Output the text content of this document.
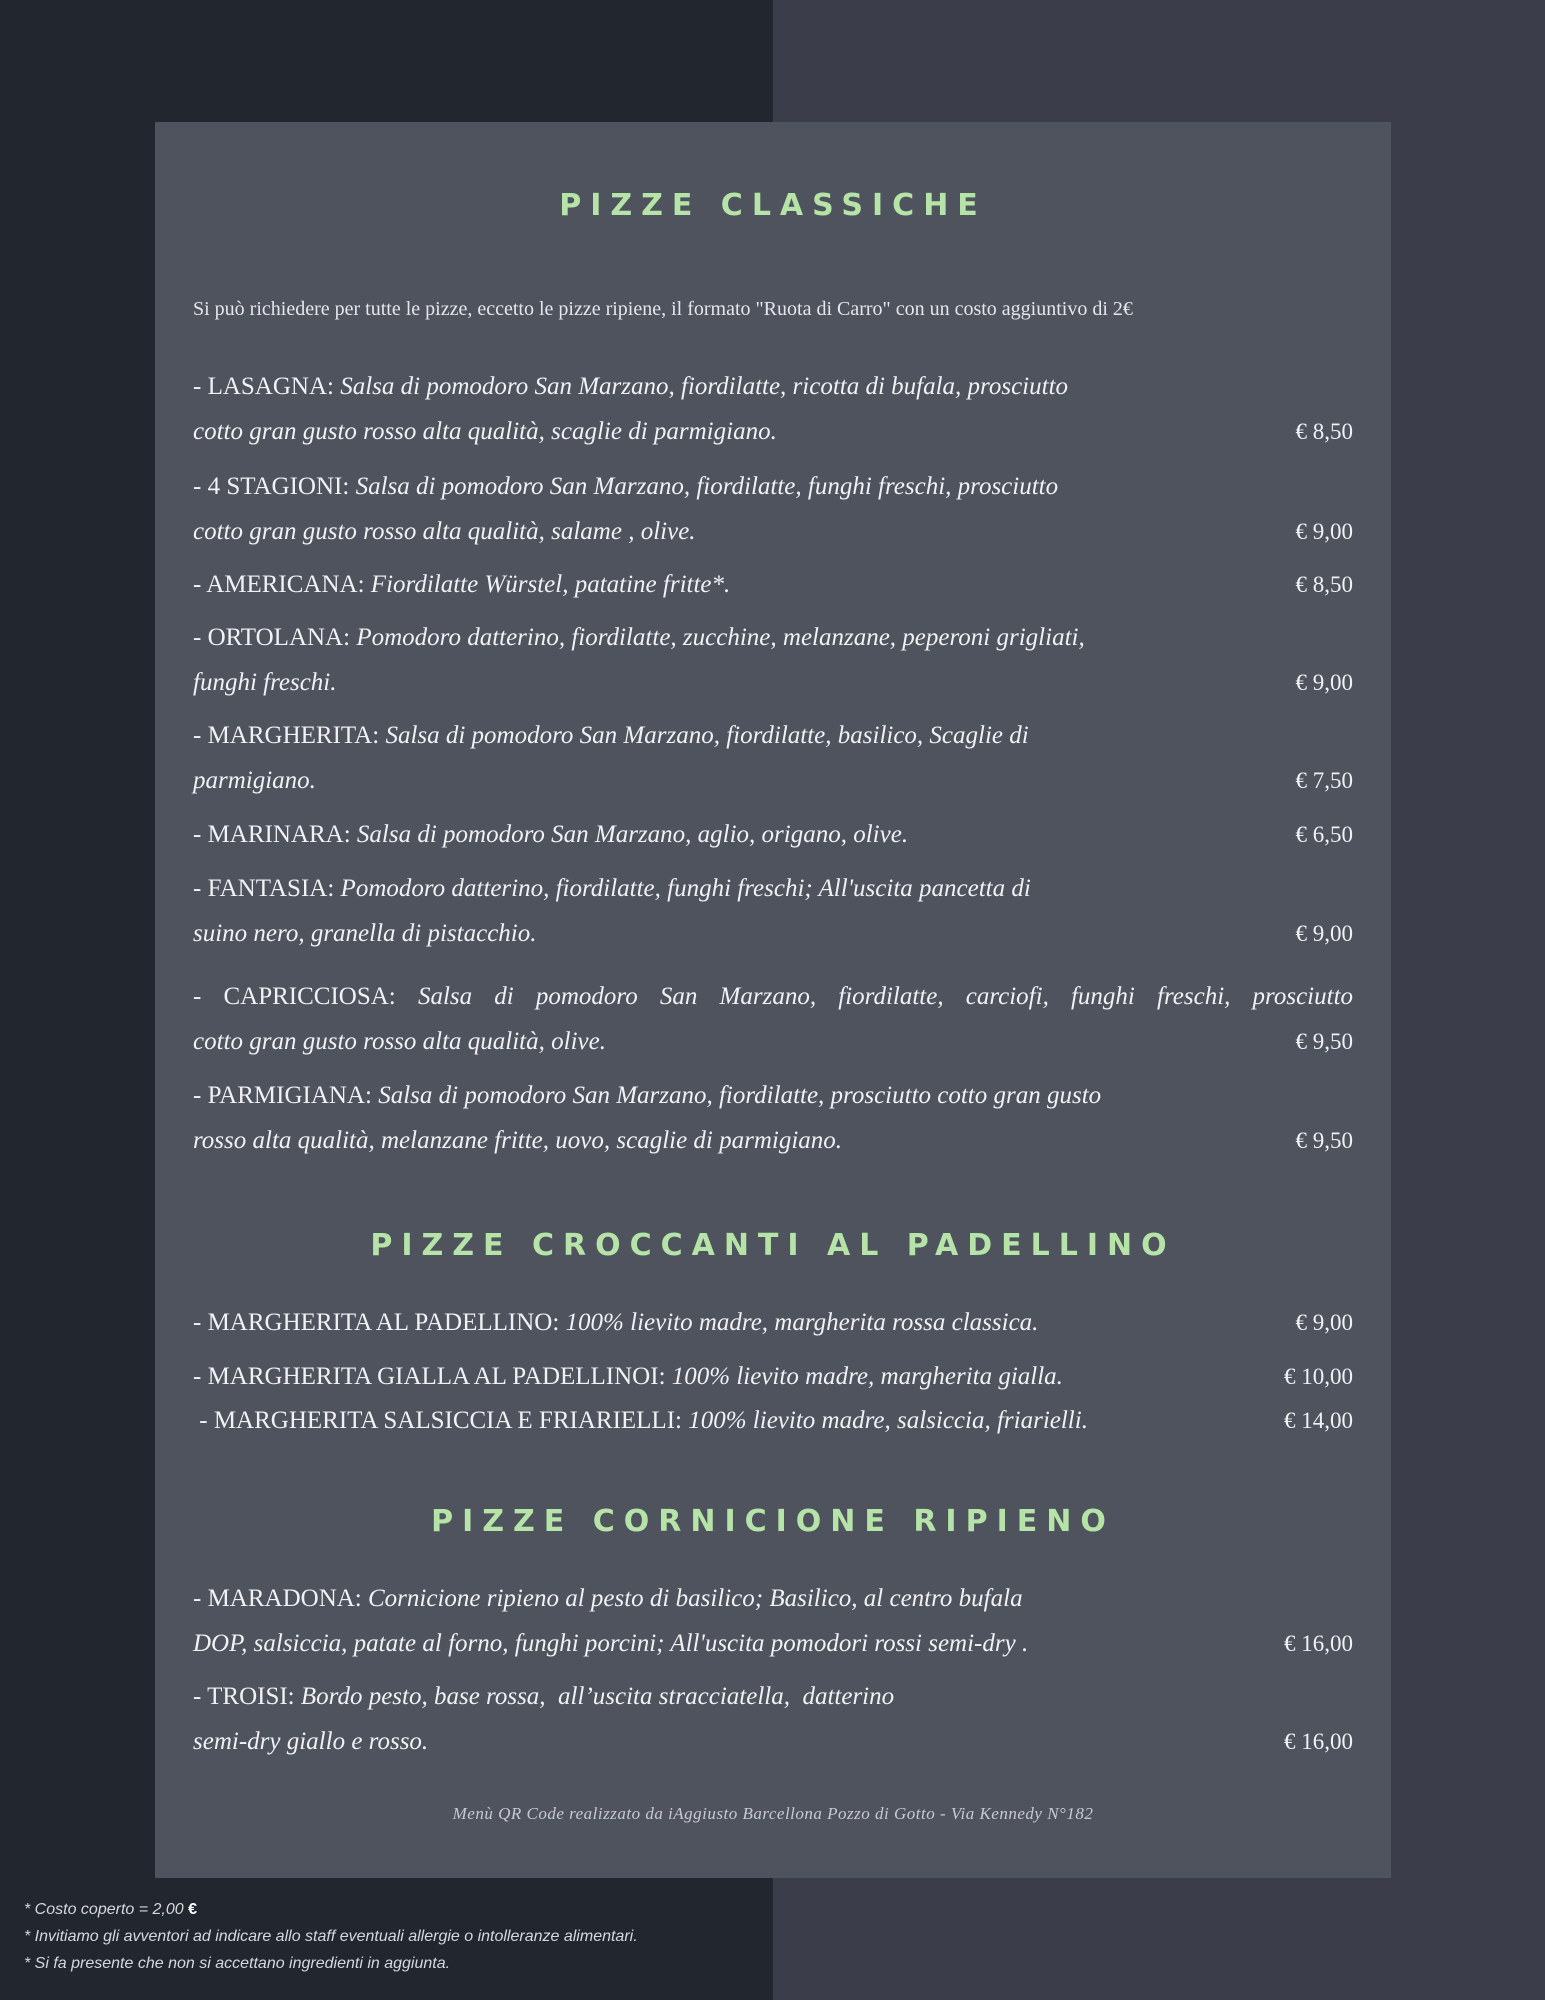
PIZZE CLASSICHE
Si può richiedere per tutte le pizze, eccetto le pizze ripiene, il formato "Ruota di Carro" con un costo aggiuntivo di 2€
- LASAGNA: Salsa di pomodoro San Marzano, fiordilatte, ricotta di bufala, prosciutto
cotto gran gusto rosso alta qualità, scaglie di parmigiano.	€ 8,50
- 4 STAGIONI: Salsa di pomodoro San Marzano, fiordilatte, funghi freschi, prosciutto
cotto gran gusto rosso alta qualità, salame , olive.	€ 9,00
- AMERICANA: Fiordilatte Würstel, patatine fritte*.	€ 8,50
- ORTOLANA: Pomodoro datterino, fiordilatte, zucchine, melanzane, peperoni grigliati,
funghi freschi.	€ 9,00
- MARGHERITA: Salsa di pomodoro San Marzano, fiordilatte, basilico, Scaglie di
parmigiano.	€ 7,50
- MARINARA: Salsa di pomodoro San Marzano, aglio, origano, olive.	€ 6,50
- FANTASIA: Pomodoro datterino, fiordilatte, funghi freschi; All'uscita pancetta di
suino nero, granella di pistacchio.	€ 9,00
- CAPRICCIOSA: Salsa di pomodoro San Marzano, fiordilatte, carciofi, funghi freschi, prosciutto
cotto gran gusto rosso alta qualità, olive.	€ 9,50
- PARMIGIANA: Salsa di pomodoro San Marzano, fiordilatte, prosciutto cotto gran gusto
rosso alta qualità, melanzane fritte, uovo, scaglie di parmigiano.	€ 9,50
PIZZE CROCCANTI AL PADELLINO
- MARGHERITA AL PADELLINO: 100% lievito madre, margherita rossa classica.	€ 9,00
- MARGHERITA GIALLA AL PADELLINOI: 100% lievito madre, margherita gialla.	€ 10,00
- MARGHERITA SALSICCIA E FRIARIELLI: 100% lievito madre, salsiccia, friarielli.	€ 14,00
PIZZE CORNICIONE RIPIENO
- MARADONA: Cornicione ripieno al pesto di basilico; Basilico, al centro bufala
DOP, salsiccia, patate al forno, funghi porcini; All'uscita pomodori rossi semi-dry .	€ 16,00
- TROISI: Bordo pesto, base rossa,  all’uscita stracciatella,  datterino
semi-dry giallo e rosso.	€ 16,00
Menù QR Code realizzato da iAggiusto Barcellona Pozzo di Gotto - Via Kennedy N°182
* Costo coperto = 2,00 €
* Invitiamo gli avventori ad indicare allo staff eventuali allergie o intolleranze alimentari.
* Si fa presente che non si accettano ingredienti in aggiunta.
